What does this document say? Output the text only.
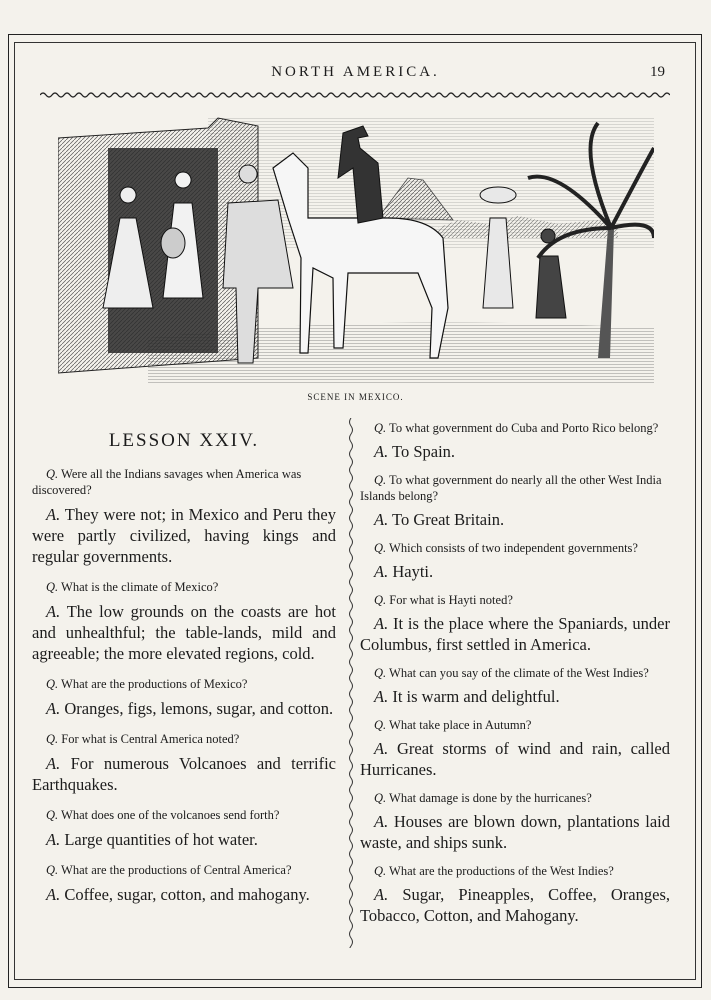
NORTH AMERICA.	19
SCENE IN MEXICO.
LESSON XXIV.

Q. Were all the Indians savages when America was discovered?

A. They were not; in Mexico and Peru they were partly civilized, having kings and regular governments.

Q. What is the climate of Mexico?

A. The low grounds on the coasts are hot and unhealthful; the table-lands, mild and agreeable; the more elevated regions, cold.

Q. What are the productions of Mexico?

A. Oranges, figs, lemons, sugar, and cotton.

Q. For what is Central America noted?

A. For numerous Volcanoes and terrific Earthquakes.

Q. What does one of the volcanoes send forth?

A. Large quantities of hot water.

Q. What are the productions of Central America?

A. Coffee, sugar, cotton, and mahogany.

Q. To what government do Cuba and Porto Rico belong?

A. To Spain.

Q. To what government do nearly all the other West India Islands belong?

A. To Great Britain.

Q. Which consists of two independent governments?

A. Hayti.

Q. For what is Hayti noted?

A. It is the place where the Spaniards, under Columbus, first settled in America.

Q. What can you say of the climate of the West Indies?

A. It is warm and delightful.

Q. What take place in Autumn?

A. Great storms of wind and rain, called Hurricanes.

Q. What damage is done by the hurricanes?

A. Houses are blown down, plantations laid waste, and ships sunk.

Q. What are the productions of the West Indies?

A. Sugar, Pineapples, Coffee, Oranges, Tobacco, Cotton, and Mahogany.
